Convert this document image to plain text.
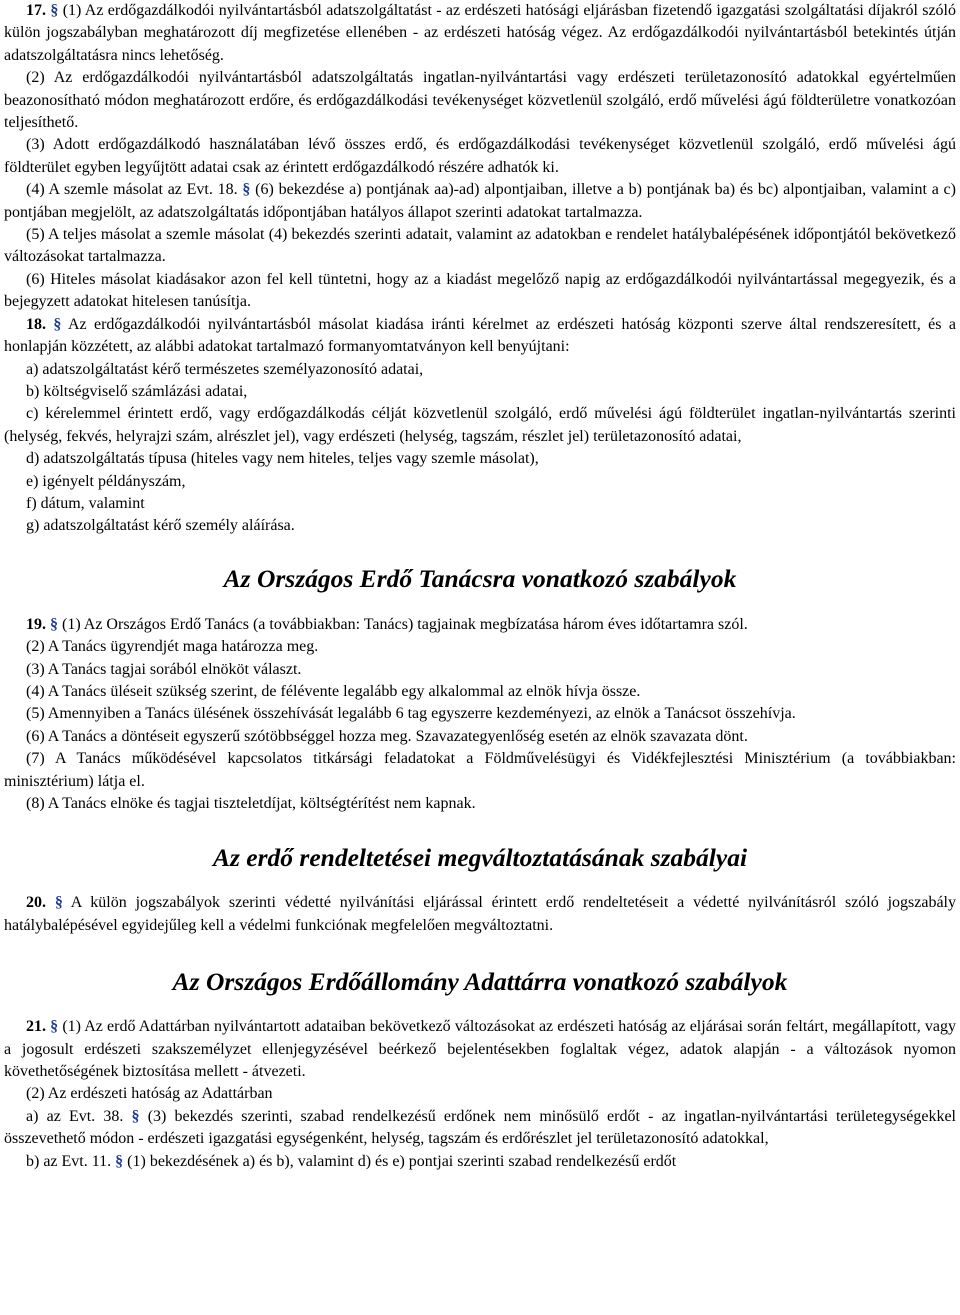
17. § (1) Az erdőgazdálkodói nyilvántartásból adatszolgáltatást - az erdészeti hatósági eljárásban fizetendő igazgatási szolgáltatási díjakról szóló külön jogszabályban meghatározott díj megfizetése ellenében - az erdészeti hatóság végez. Az erdőgazdálkodói nyilvántartásból betekintés útján adatszolgáltatásra nincs lehetőség.

(2) Az erdőgazdálkodói nyilvántartásból adatszolgáltatás ingatlan-nyilvántartási vagy erdészeti területazonosító adatokkal egyértelműen beazonosítható módon meghatározott erdőre, és erdőgazdálkodási tevékenységet közvetlenül szolgáló, erdő művelési ágú földterületre vonatkozóan teljesíthető.

(3) Adott erdőgazdálkodó használatában lévő összes erdő, és erdőgazdálkodási tevékenységet közvetlenül szolgáló, erdő művelési ágú földterület egyben legyűjtött adatai csak az érintett erdőgazdálkodó részére adhatók ki.

(4) A szemle másolat az Evt. 18. § (6) bekezdése a) pontjának aa)-ad) alpontjaiban, illetve a b) pontjának ba) és bc) alpontjaiban, valamint a c) pontjában megjelölt, az adatszolgáltatás időpontjában hatályos állapot szerinti adatokat tartalmazza.

(5) A teljes másolat a szemle másolat (4) bekezdés szerinti adatait, valamint az adatokban e rendelet hatálybalépésének időpontjától bekövetkező változásokat tartalmazza.

(6) Hiteles másolat kiadásakor azon fel kell tüntetni, hogy az a kiadást megelőző napig az erdőgazdálkodói nyilvántartással megegyezik, és a bejegyzett adatokat hitelesen tanúsítja.

18. § Az erdőgazdálkodói nyilvántartásból másolat kiadása iránti kérelmet az erdészeti hatóság központi szerve által rendszeresített, és a honlapján közzétett, az alábbi adatokat tartalmazó formanyomtatványon kell benyújtani:

a) adatszolgáltatást kérő természetes személyazonosító adatai,

b) költségviselő számlázási adatai,

c) kérelemmel érintett erdő, vagy erdőgazdálkodás célját közvetlenül szolgáló, erdő művelési ágú földterület ingatlan-nyilvántartás szerinti (helység, fekvés, helyrajzi szám, alrészlet jel), vagy erdészeti (helység, tagszám, részlet jel) területazonosító adatai,

d) adatszolgáltatás típusa (hiteles vagy nem hiteles, teljes vagy szemle másolat),

e) igényelt példányszám,

f) dátum, valamint

g) adatszolgáltatást kérő személy aláírása.

Az Országos Erdő Tanácsra vonatkozó szabályok

19. § (1) Az Országos Erdő Tanács (a továbbiakban: Tanács) tagjainak megbízatása három éves időtartamra szól.

(2) A Tanács ügyrendjét maga határozza meg.

(3) A Tanács tagjai sorából elnököt választ.

(4) A Tanács üléseit szükség szerint, de félévente legalább egy alkalommal az elnök hívja össze.

(5) Amennyiben a Tanács ülésének összehívását legalább 6 tag egyszerre kezdeményezi, az elnök a Tanácsot összehívja.

(6) A Tanács a döntéseit egyszerű szótöbbséggel hozza meg. Szavazategyenlőség esetén az elnök szavazata dönt.

(7) A Tanács működésével kapcsolatos titkársági feladatokat a Földművelésügyi és Vidékfejlesztési Minisztérium (a továbbiakban: minisztérium) látja el.

(8) A Tanács elnöke és tagjai tiszteletdíjat, költségtérítést nem kapnak.

Az erdő rendeltetései megváltoztatásának szabályai

20. § A külön jogszabályok szerinti védetté nyilvánítási eljárással érintett erdő rendeltetéseit a védetté nyilvánításról szóló jogszabály hatálybalépésével egyidejűleg kell a védelmi funkciónak megfelelően megváltoztatni.

Az Országos Erdőállomány Adattárra vonatkozó szabályok

21. § (1) Az erdő Adattárban nyilvántartott adataiban bekövetkező változásokat az erdészeti hatóság az eljárásai során feltárt, megállapított, vagy a jogosult erdészeti szakszemélyzet ellenjegyzésével beérkező bejelentésekben foglaltak végez, adatok alapján - a változások nyomon követhetőségének biztosítása mellett - átvezeti.

(2) Az erdészeti hatóság az Adattárban

a) az Evt. 38. § (3) bekezdés szerinti, szabad rendelkezésű erdőnek nem minősülő erdőt - az ingatlan-nyilvántartási területegységekkel összevethető módon - erdészeti igazgatási egységenként, helység, tagszám és erdőrészlet jel területazonosító adatokkal,

b) az Evt. 11. § (1) bekezdésének a) és b), valamint d) és e) pontjai szerinti szabad rendelkezésű erdőt
